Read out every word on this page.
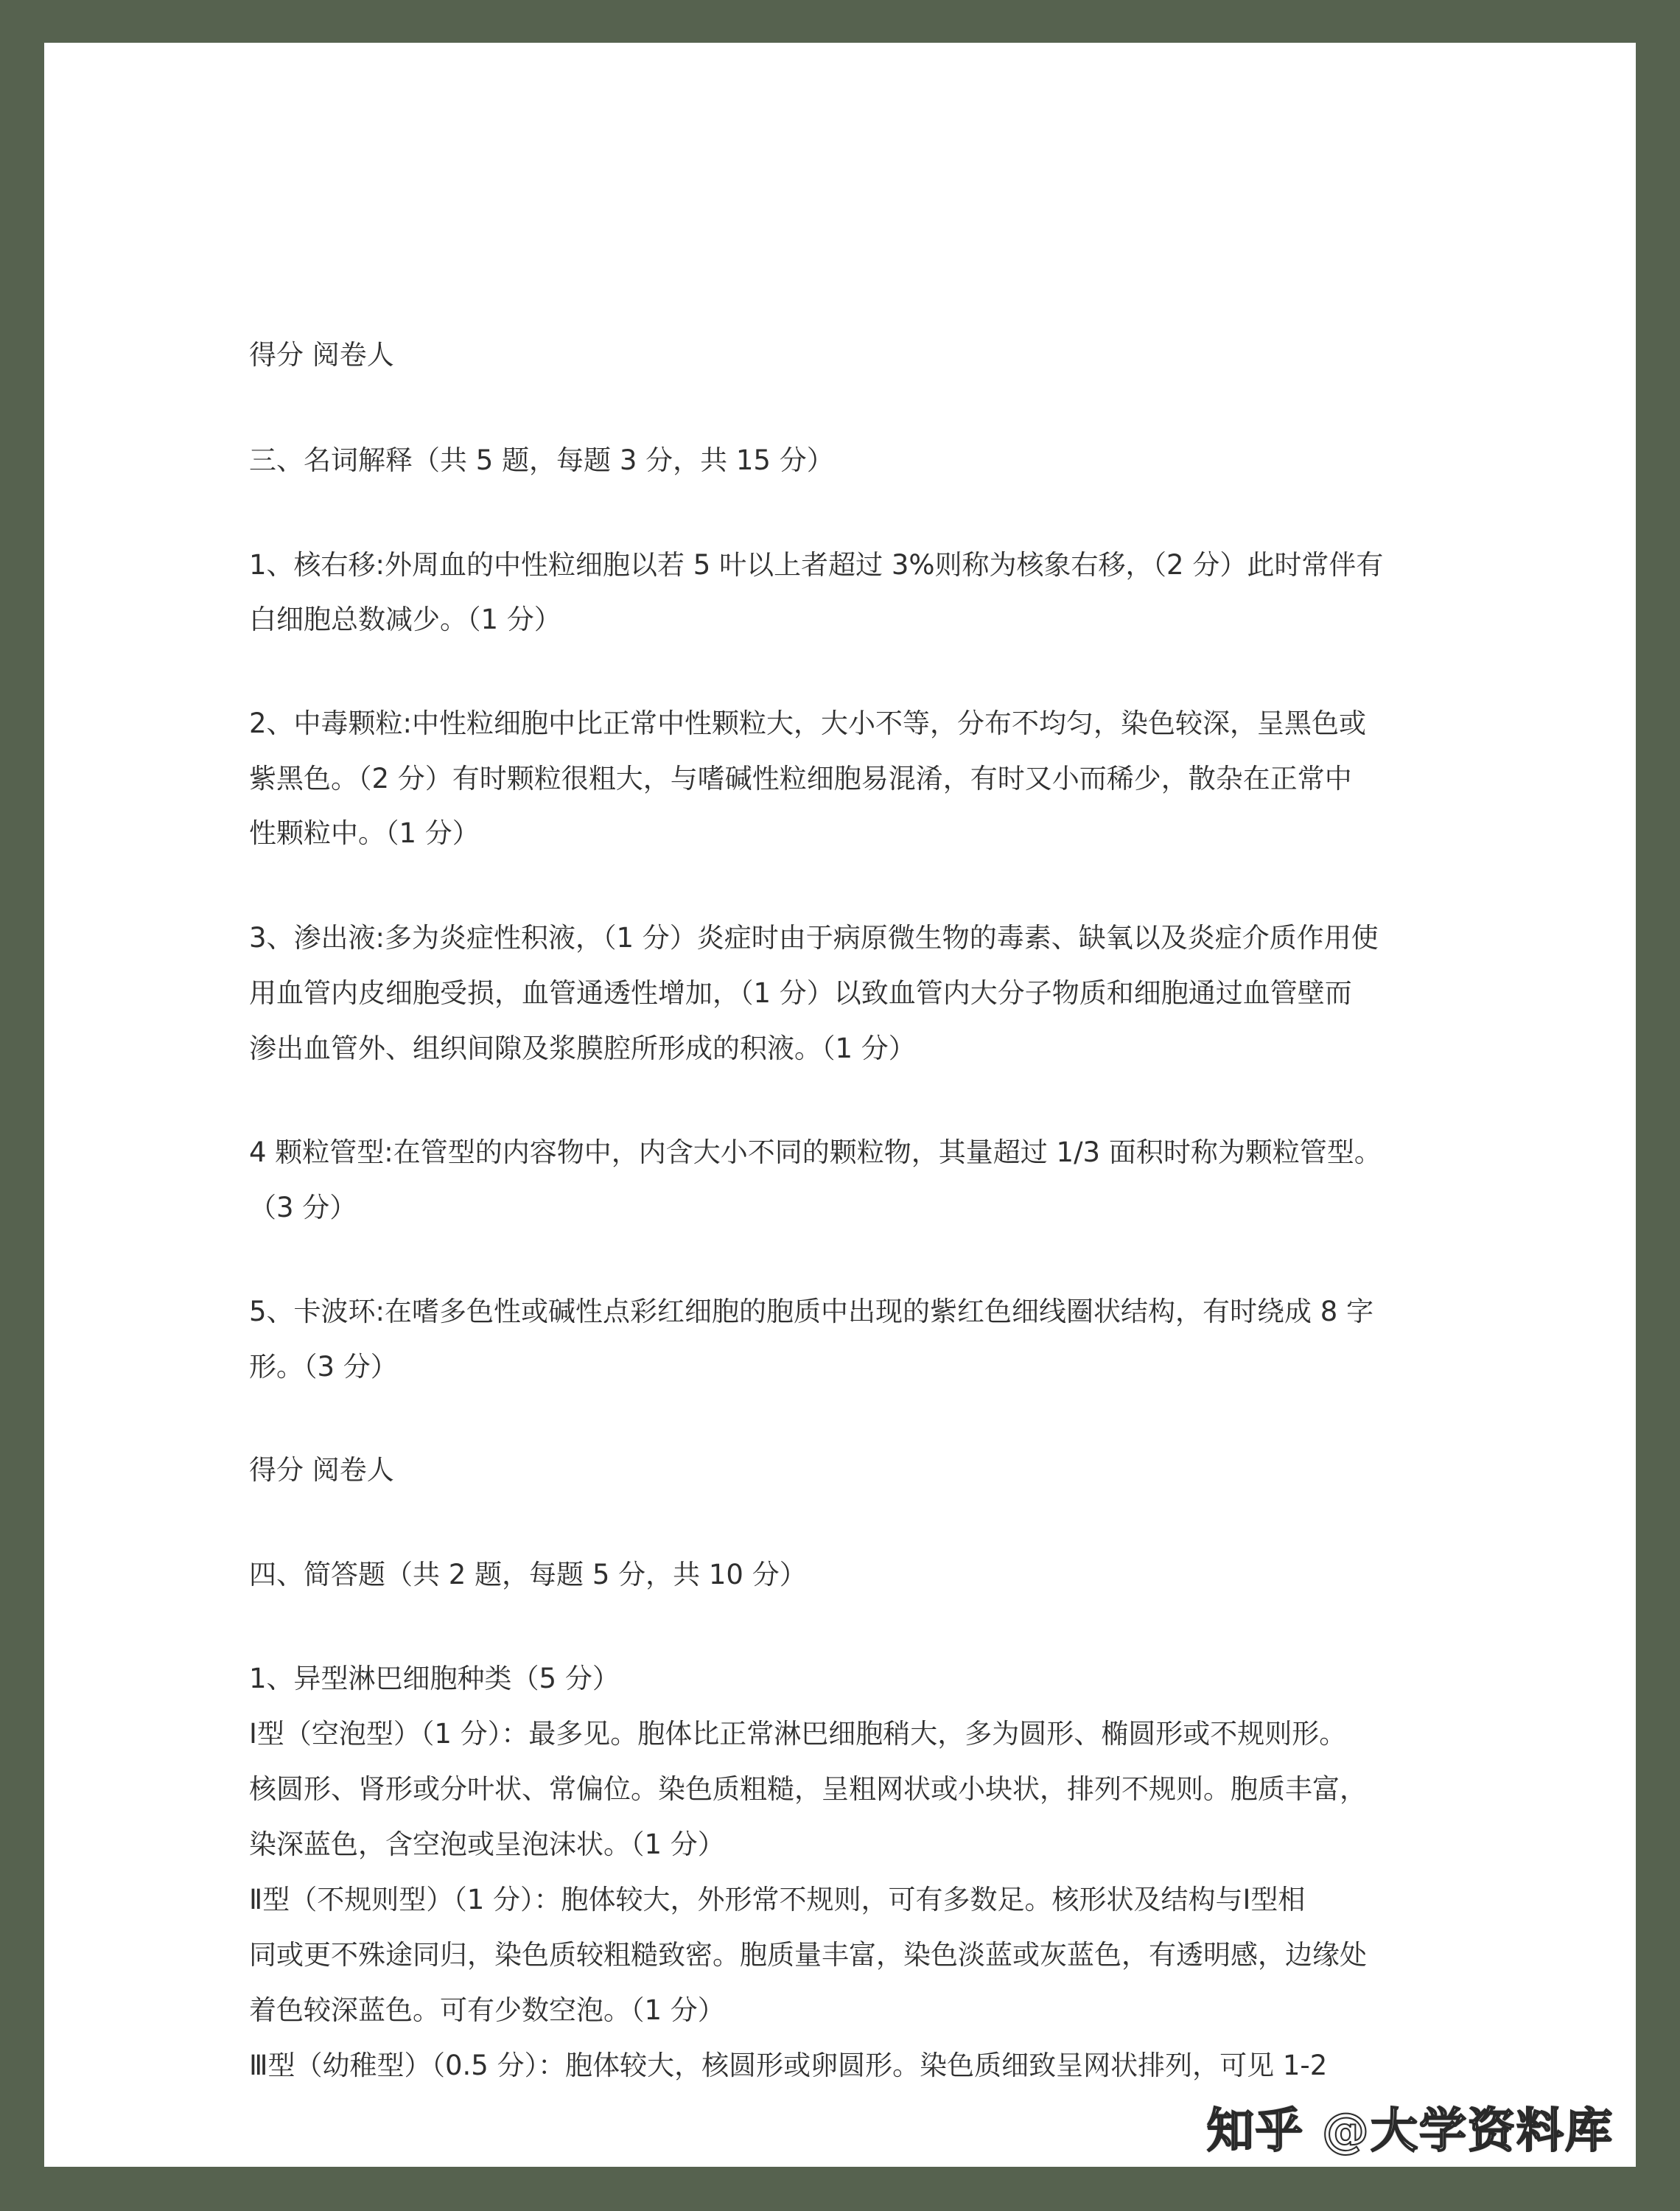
得分 阅卷人
三、名词解释（共 5 题，每题 3 分，共 15 分）
1、核右移:外周血的中性粒细胞以若 5 叶以上者超过 3%则称为核象右移，（2 分）此时常伴有
白细胞总数减少。（1 分）
2、中毒颗粒:中性粒细胞中比正常中性颗粒大，大小不等，分布不均匀，染色较深，呈黑色或
紫黑色。（2 分）有时颗粒很粗大，与嗜碱性粒细胞易混淆，有时又小而稀少，散杂在正常中
性颗粒中。（1 分）
3、渗出液:多为炎症性积液，（1 分）炎症时由于病原微生物的毒素、缺氧以及炎症介质作用使
用血管内皮细胞受损，血管通透性增加，（1 分）以致血管内大分子物质和细胞通过血管壁而
渗出血管外、组织间隙及浆膜腔所形成的积液。（1 分）
4 颗粒管型:在管型的内容物中，内含大小不同的颗粒物，其量超过 1/3 面积时称为颗粒管型。
（3 分）
5、卡波环:在嗜多色性或碱性点彩红细胞的胞质中出现的紫红色细线圈状结构，有时绕成 8 字
形。（3 分）
得分 阅卷人
四、简答题（共 2 题，每题 5 分，共 10 分）
1、异型淋巴细胞种类（5 分）
Ⅰ型（空泡型）（1 分）：最多见。胞体比正常淋巴细胞稍大，多为圆形、椭圆形或不规则形。
核圆形、肾形或分叶状、常偏位。染色质粗糙，呈粗网状或小块状，排列不规则。胞质丰富，
染深蓝色，含空泡或呈泡沫状。（1 分）
Ⅱ型（不规则型）（1 分）：胞体较大，外形常不规则，可有多数足。核形状及结构与Ⅰ型相
同或更不殊途同归，染色质较粗糙致密。胞质量丰富，染色淡蓝或灰蓝色，有透明感，边缘处
着色较深蓝色。可有少数空泡。（1 分）
Ⅲ型（幼稚型）（0.5 分）：胞体较大，核圆形或卵圆形。染色质细致呈网状排列，可见 1-2
知乎 @大学资料库
